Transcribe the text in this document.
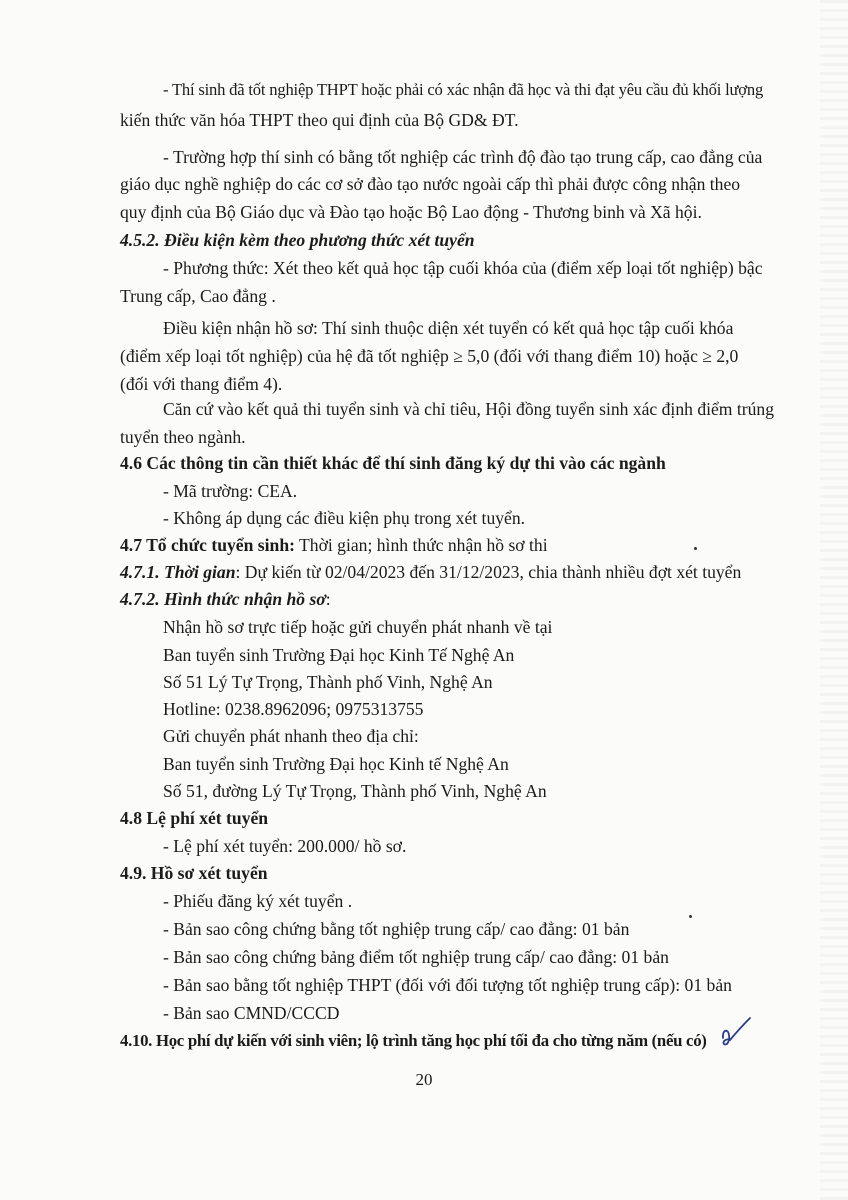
- Thí sinh đã tốt nghiệp THPT hoặc phải có xác nhận đã học và thi đạt yêu cầu đủ khối lượng
kiến thức văn hóa THPT theo qui định của Bộ GD& ĐT.
- Trường hợp thí sinh có bằng tốt nghiệp các trình độ đào tạo trung cấp, cao đẳng của
giáo dục nghề nghiệp do các cơ sở đào tạo nước ngoài cấp thì phải được công nhận theo
quy định của Bộ Giáo dục và Đào tạo hoặc Bộ Lao động - Thương binh và Xã hội.
4.5.2. Điều kiện kèm theo phương thức xét tuyển
- Phương thức: Xét theo kết quả học tập cuối khóa của (điểm xếp loại tốt nghiệp) bậc
Trung cấp, Cao đẳng .
Điều kiện nhận hồ sơ: Thí sinh thuộc diện xét tuyển có kết quả học tập cuối khóa
(điểm xếp loại tốt nghiệp) của hệ đã tốt nghiệp ≥ 5,0 (đối với thang điểm 10) hoặc ≥ 2,0
(đối với thang điểm 4).
Căn cứ vào kết quả thi tuyển sinh và chỉ tiêu, Hội đồng tuyển sinh xác định điểm trúng
tuyển theo ngành.
4.6 Các thông tin cần thiết khác để thí sinh đăng ký dự thi vào các ngành
- Mã trường: CEA.
- Không áp dụng các điều kiện phụ trong xét tuyển.
4.7 Tổ chức tuyển sinh: Thời gian; hình thức nhận hồ sơ thi
4.7.1. Thời gian: Dự kiến từ 02/04/2023 đến 31/12/2023, chia thành nhiều đợt xét tuyển
4.7.2. Hình thức nhận hồ sơ:
Nhận hồ sơ trực tiếp hoặc gửi chuyển phát nhanh về tại
Ban tuyển sinh Trường Đại học Kinh Tế Nghệ An
Số 51 Lý Tự Trọng, Thành phố Vinh, Nghệ An
Hotline: 0238.8962096; 0975313755
Gửi chuyển phát nhanh theo địa chỉ:
Ban tuyển sinh Trường Đại học Kinh tế Nghệ An
Số 51, đường Lý Tự Trọng, Thành phố Vinh, Nghệ An
4.8 Lệ phí xét tuyển
- Lệ phí xét tuyển: 200.000/ hồ sơ.
4.9. Hồ sơ xét tuyển
- Phiếu đăng ký xét tuyển .
- Bản sao công chứng bằng tốt nghiệp trung cấp/ cao đẳng: 01 bản
- Bản sao công chứng bảng điểm tốt nghiệp trung cấp/ cao đẳng: 01 bản
- Bản sao bằng tốt nghiệp THPT (đối với đối tượng tốt nghiệp trung cấp): 01 bản
- Bản sao CMND/CCCD
4.10. Học phí dự kiến với sinh viên; lộ trình tăng học phí tối đa cho từng năm (nếu có)
20
